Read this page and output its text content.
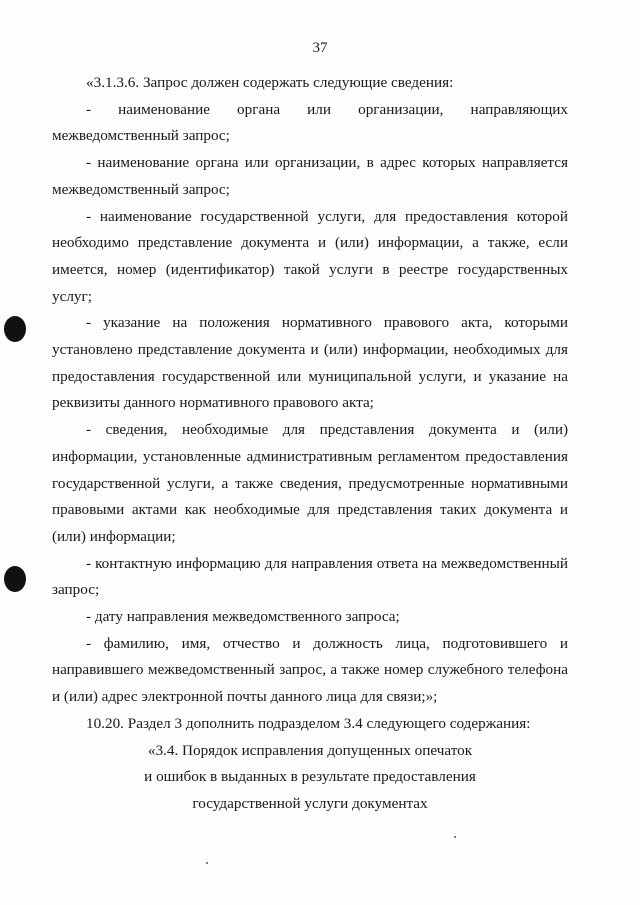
37

«3.1.3.6. Запрос должен содержать следующие сведения:

- наименование органа или организации, направляющих межведомственный запрос;

- наименование органа или организации, в адрес которых направляется межведомственный запрос;

- наименование государственной услуги, для предоставления которой необходимо представление документа и (или) информации, а также, если имеется, номер (идентификатор) такой услуги в реестре государственных услуг;

- указание на положения нормативного правового акта, которыми установлено представление документа и (или) информации, необходимых для предоставления государственной или муниципальной услуги, и указание на реквизиты данного нормативного правового акта;

- сведения, необходимые для представления документа и (или) информации, установленные административным регламентом предоставления государственной услуги, а также сведения, предусмотренные нормативными правовыми актами как необходимые для представления таких документа и (или) информации;

- контактную информацию для направления ответа на межведомственный запрос;

- дату направления межведомственного запроса;

- фамилию, имя, отчество и должность лица, подготовившего и направившего межведомственный запрос, а также номер служебного телефона и (или) адрес электронной почты данного лица для связи;»;

10.20. Раздел 3 дополнить подразделом 3.4 следующего содержания:

«3.4. Порядок исправления допущенных опечаток

и ошибок в выданных в результате предоставления

государственной услуги документах
